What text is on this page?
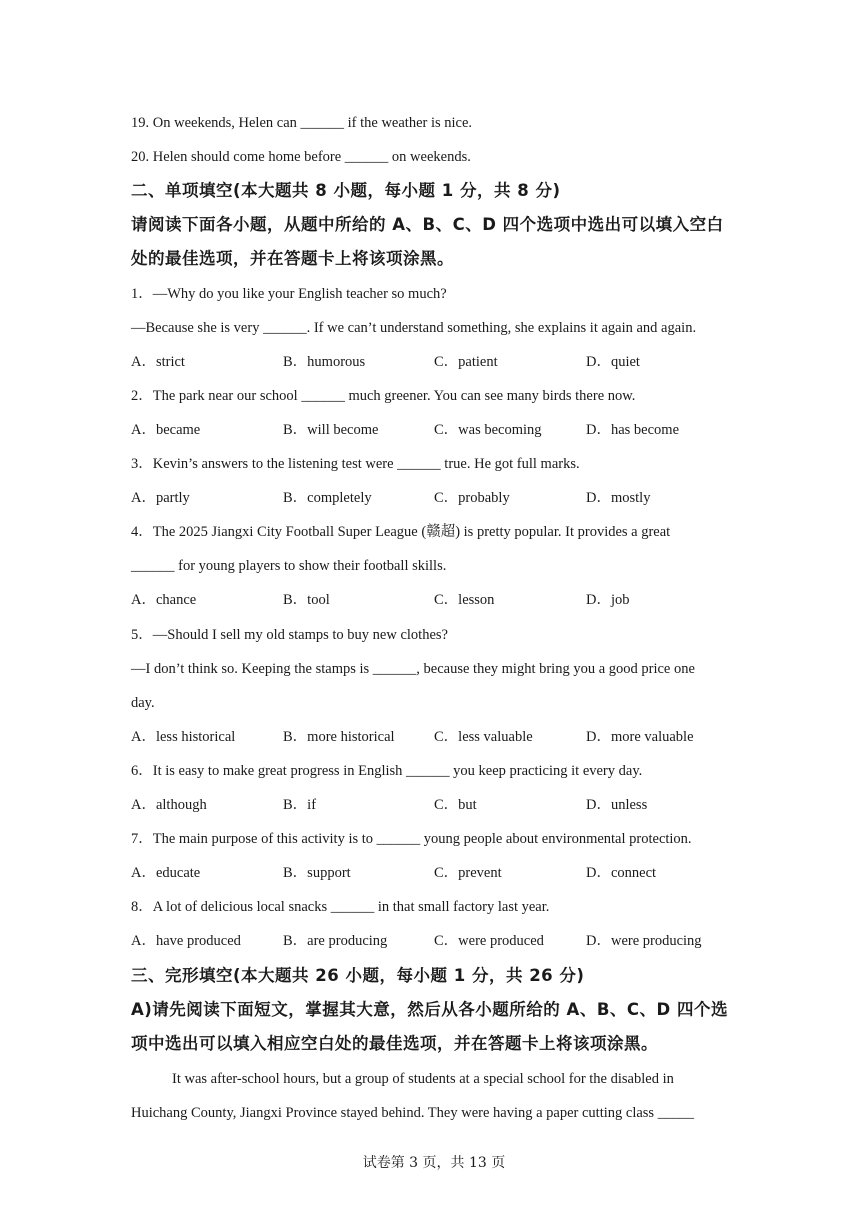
19. On weekends, Helen can ______ if the weather is nice.
20. Helen should come home before ______ on weekends.
二、单项填空(本大题共 8 小题，每小题 1 分，共 8 分)
请阅读下面各小题，从题中所给的 A、B、C、D 四个选项中选出可以填入空白
处的最佳选项，并在答题卡上将该项涂黑。
1．—Why do you like your English teacher so much?
—Because she is very ______. If we can’t understand something, she explains it again and again.
A．strict	B．humorous	C．patient	D．quiet
2．The park near our school ______ much greener. You can see many birds there now.
A．became	B．will become	C．was becoming	D．has become
3．Kevin’s answers to the listening test were ______ true. He got full marks.
A．partly	B．completely	C．probably	D．mostly
4．The 2025 Jiangxi City Football Super League (赣超) is pretty popular. It provides a great
______ for young players to show their football skills.
A．chance	B．tool	C．lesson	D．job
5．—Should I sell my old stamps to buy new clothes?
—I don’t think so. Keeping the stamps is ______, because they might bring you a good price one
day.
A．less historical	B．more historical	C．less valuable	D．more valuable
6．It is easy to make great progress in English ______ you keep practicing it every day.
A．although	B．if	C．but	D．unless
7．The main purpose of this activity is to ______ young people about environmental protection.
A．educate	B．support	C．prevent	D．connect
8．A lot of delicious local snacks ______ in that small factory last year.
A．have produced	B．are producing	C．were produced	D．were producing
三、完形填空(本大题共 26 小题，每小题 1 分，共 26 分)
A)请先阅读下面短文，掌握其大意，然后从各小题所给的 A、B、C、D 四个选
项中选出可以填入相应空白处的最佳选项，并在答题卡上将该项涂黑。
It was after-school hours, but a group of students at a special school for the disabled in
Huichang County, Jiangxi Province stayed behind. They were having a paper cutting class _____
试卷第 3 页，共 13 页
